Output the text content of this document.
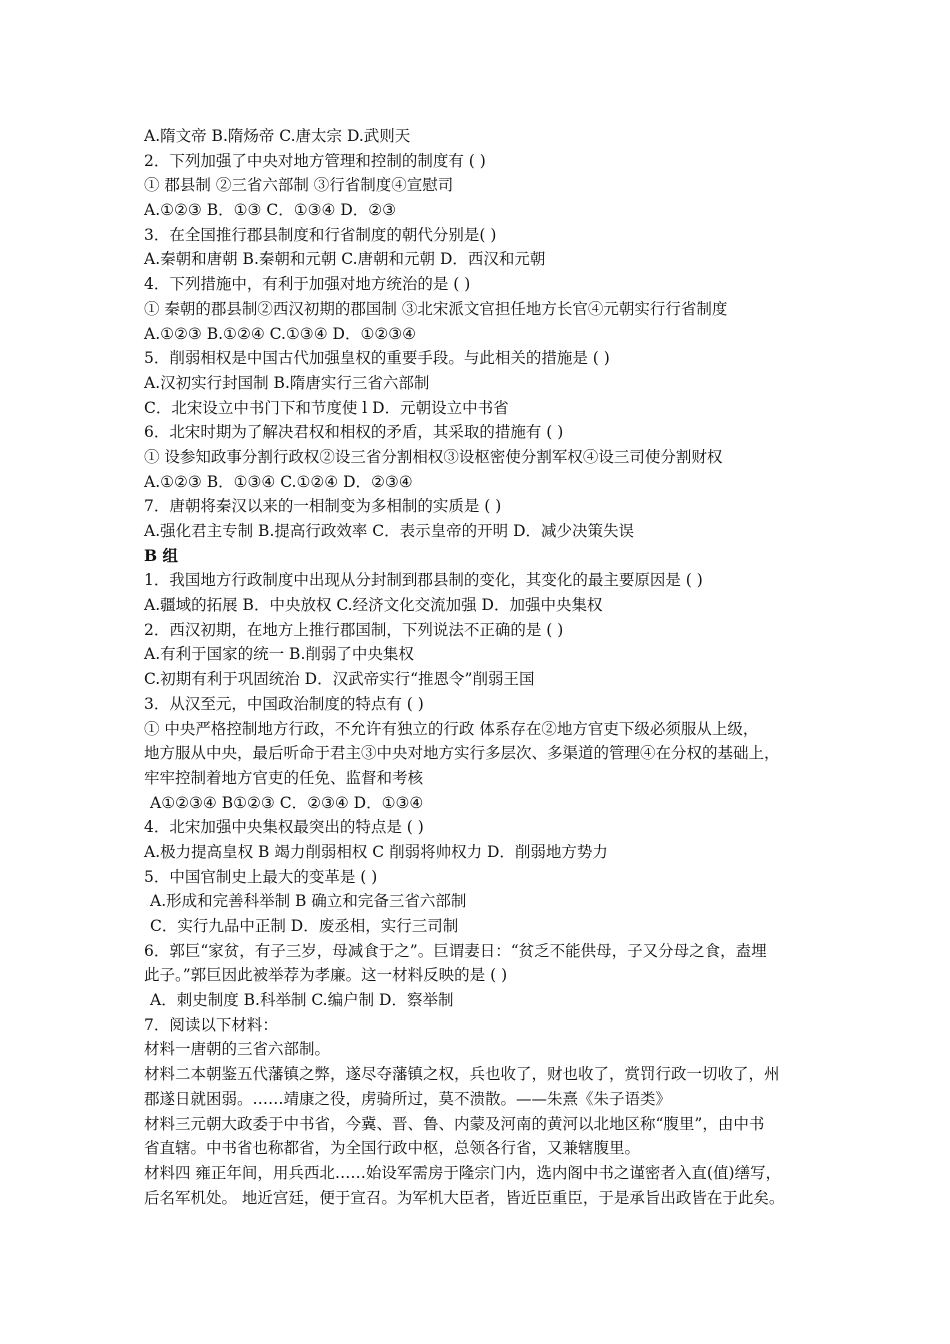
A.隋文帝 B.隋炀帝 C.唐太宗 D.武则天
2．下列加强了中央对地方管理和控制的制度有 ( )
① 郡县制 ②三省六部制 ③行省制度④宣慰司
A.①②③ B．①③ C．①③④ D．②③
3．在全国推行郡县制度和行省制度的朝代分别是( )
A.秦朝和唐朝 B.秦朝和元朝 C.唐朝和元朝 D．西汉和元朝
4．下列措施中，有利于加强对地方统治的是 ( )
① 秦朝的郡县制②西汉初期的郡国制 ③北宋派文官担任地方长官④元朝实行行省制度
A.①②③ B.①②④ C.①③④ D．①②③④
5．削弱相权是中国古代加强皇权的重要手段。与此相关的措施是 ( )
A.汉初实行封国制 B.隋唐实行三省六部制
C．北宋设立中书门下和节度使 l D．元朝设立中书省
6．北宋时期为了解决君权和相权的矛盾，其采取的措施有 ( )
① 设参知政事分割行政权②设三省分割相权③设枢密使分割军权④设三司使分割财权
A.①②③ B．①③④ C.①②④ D．②③④
7．唐朝将秦汉以来的一相制变为多相制的实质是 ( )
A.强化君主专制 B.提高行政效率 C．表示皇帝的开明 D．减少决策失误
B 组
1．我国地方行政制度中出现从分封制到郡县制的变化，其变化的最主要原因是 ( )
A.疆域的拓展 B．中央放权 C.经济文化交流加强 D．加强中央集权
2．西汉初期，在地方上推行郡国制，下列说法不正确的是 ( )
A.有利于国家的统一 B.削弱了中央集权
C.初期有利于巩固统治 D．汉武帝实行“推恩令”削弱王国
3．从汉至元，中国政治制度的特点有 ( )
① 中央严格控制地方行政，不允许有独立的行政 体系存在②地方官吏下级必须服从上级，
地方服从中央，最后听命于君主③中央对地方实行多层次、多渠道的管理④在分权的基础上，
牢牢控制着地方官吏的任免、监督和考核
A①②③④ B①②③ C．②③④ D．①③④
4．北宋加强中央集权最突出的特点是 ( )
A.极力提高皇权 B 竭力削弱相权 C 削弱将帅权力 D．削弱地方势力
5．中国官制史上最大的变革是 ( )
A.形成和完善科举制 B 确立和完备三省六部制
C．实行九品中正制 D．废丞相，实行三司制
6．郭巨“家贫，有子三岁，母减食于之”。巨谓妻日：“贫乏不能供母，子又分母之食，盍埋
此子。”郭巨因此被举荐为孝廉。这一材料反映的是 ( )
A．刺史制度 B.科举制 C.编户制 D．察举制
7．阅读以下材料：
材料一唐朝的三省六部制。
材料二本朝鉴五代藩镇之弊，遂尽夺藩镇之权，兵也收了，财也收了，赏罚行政一切收了，州
郡遂日就困弱。……靖康之役，虏骑所过，莫不溃散。——朱熹《朱子语类》
材料三元朝大政委于中书省，今冀、晋、鲁、内蒙及河南的黄河以北地区称“腹里”，由中书
省直辖。中书省也称都省，为全国行政中枢，总领各行省，又兼辖腹里。
材料四 雍正年间，用兵西北……始设军需房于隆宗门内，选内阁中书之谨密者入直(值)缮写，
后名军机处。 地近宫廷，便于宣召。为军机大臣者，皆近臣重臣，于是承旨出政皆在于此矣。
